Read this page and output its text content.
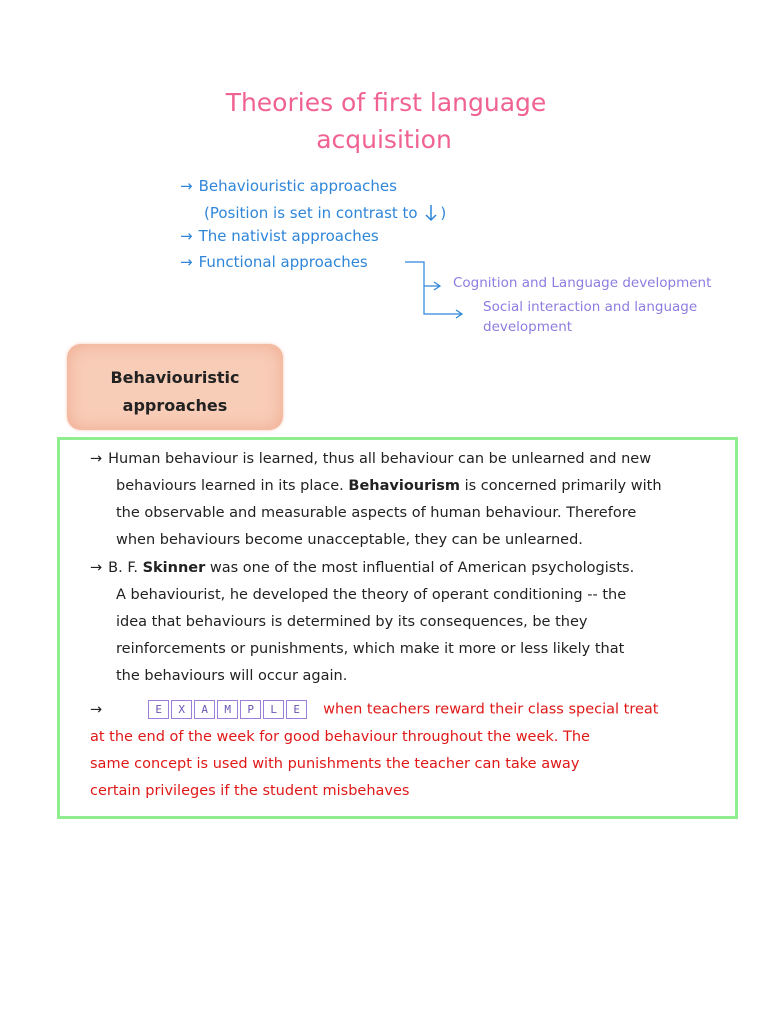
Theories of first language
acquisition
→ Behaviouristic approaches
(Position is set in contrast to )
→ The nativist approaches
→ Functional approaches
Cognition and Language development
Social interaction and language
development
Behaviouristic
approaches
→ Human behaviour is learned, thus all behaviour can be unlearned and new
behaviours learned in its place. Behaviourism is concerned primarily with
the observable and measurable aspects of human behaviour. Therefore
when behaviours become unacceptable, they can be unlearned.
→ B. F. Skinner was one of the most influential of American psychologists.
A behaviourist, he developed the theory of operant conditioning -- the
idea that behaviours is determined by its consequences, be they
reinforcements or punishments, which make it more or less likely that
the behaviours will occur again.
→	E X A M P L E when teachers reward their class special treat
at the end of the week for good behaviour throughout the week. The
same concept is used with punishments the teacher can take away
certain privileges if the student misbehaves
